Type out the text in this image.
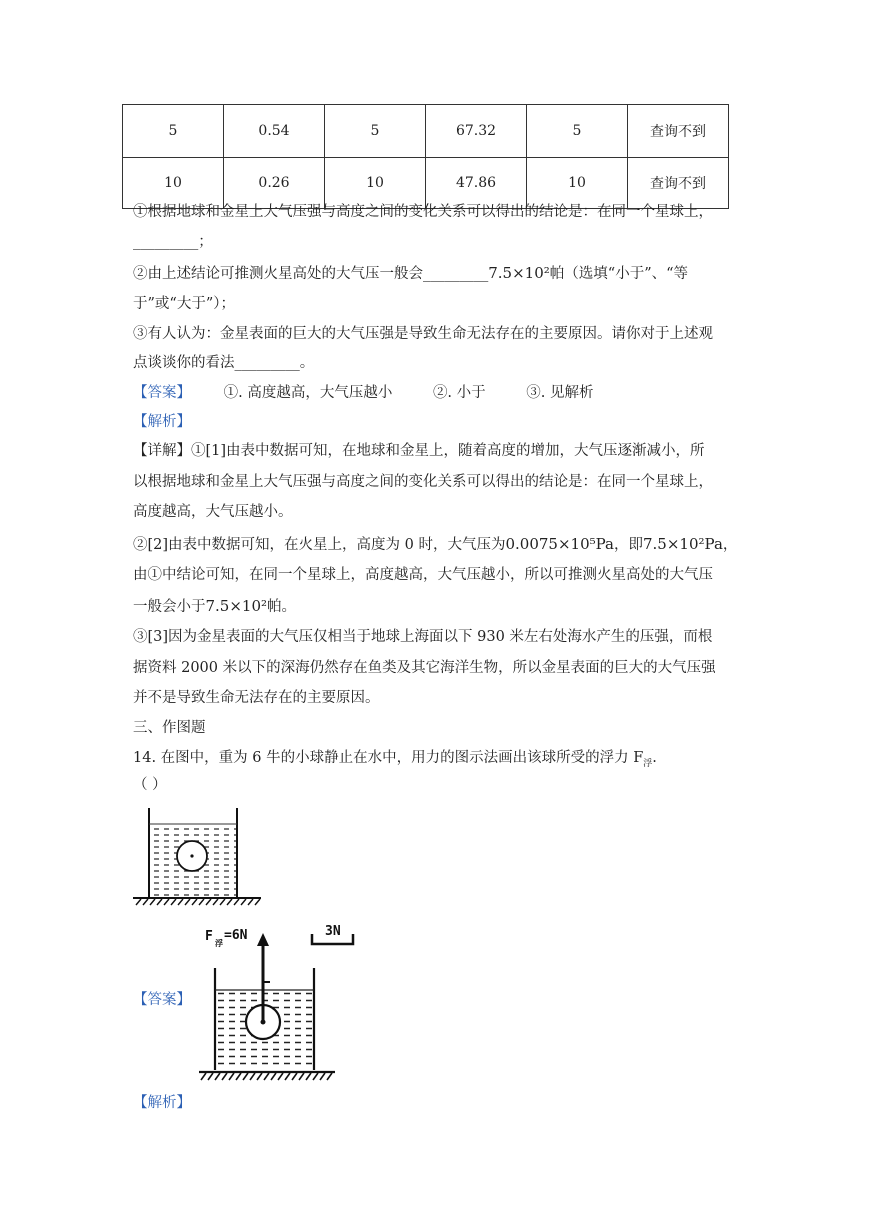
5	0.54	5	67.32	5	查询不到
10	0.26	10	47.86	10	查询不到
①根据地球和金星上大气压强与高度之间的变化关系可以得出的结论是：在同一个星球上，
_________；
②由上述结论可推测火星高处的大气压一般会_________7.5×10²帕（选填“小于”、“等
于”或“大于”）；
③有人认为：金星表面的巨大的大气压强是导致生命无法存在的主要原因。请你对于上述观
点谈谈你的看法_________。
【答案】 ①. 高度越高，大气压越小	②. 小于	③. 见解析
【解析】
【详解】①[1]由表中数据可知，在地球和金星上，随着高度的增加，大气压逐渐减小，所
以根据地球和金星上大气压强与高度之间的变化关系可以得出的结论是：在同一个星球上，
高度越高，大气压越小。
②[2]由表中数据可知，在火星上，高度为 0 时，大气压为0.0075×10⁵Pa，即7.5×10²Pa，
由①中结论可知，在同一个星球上，高度越高，大气压越小，所以可推测火星高处的大气压
一般会小于7.5×10²帕。
③[3]因为金星表面的大气压仅相当于地球上海面以下 930 米左右处海水产生的压强，而根
据资料 2000 米以下的深海仍然存在鱼类及其它海洋生物，所以金星表面的巨大的大气压强
并不是导致生命无法存在的主要原因。
三、作图题
14. 在图中，重为 6 牛的小球静止在水中，用力的图示法画出该球所受的浮力 $F_浮$.
（ ）
【答案】
F 浮
=6N	3N
【解析】
